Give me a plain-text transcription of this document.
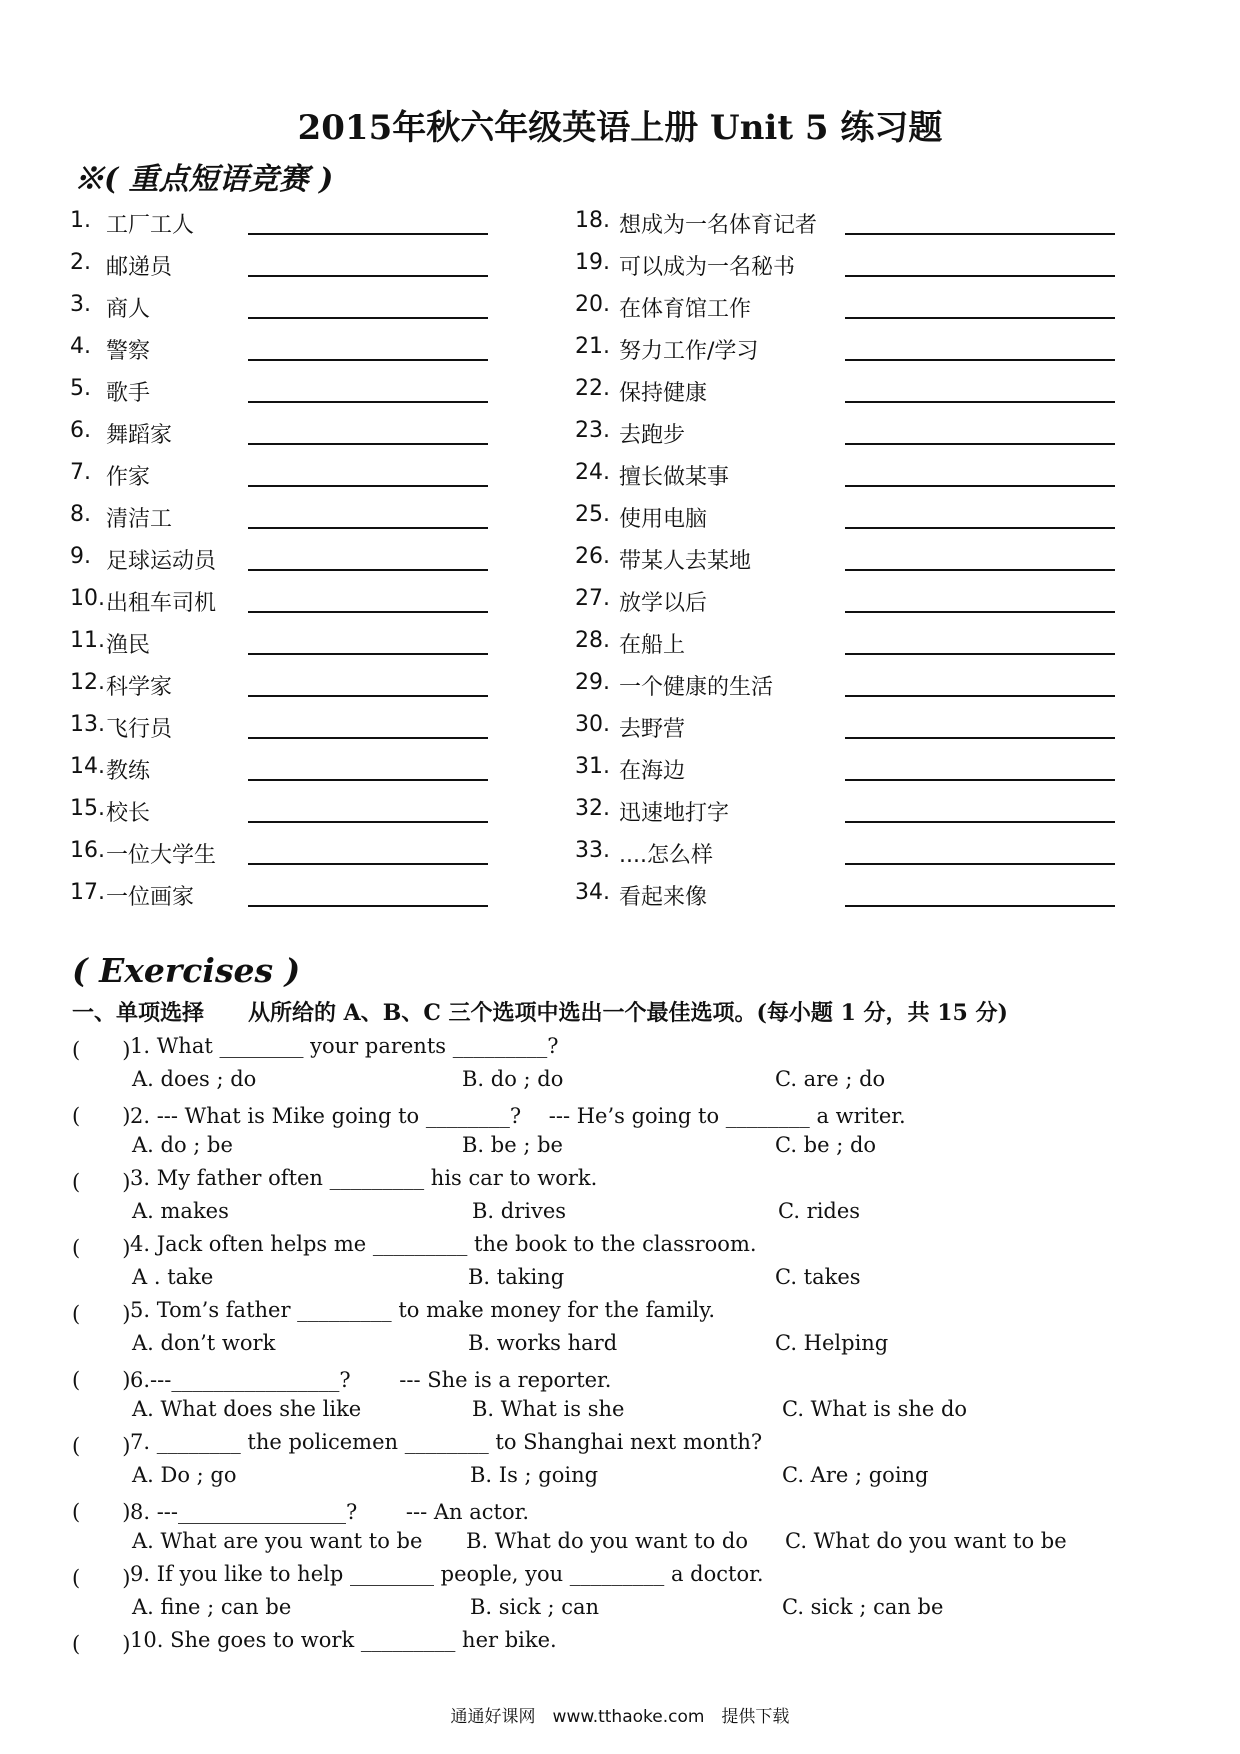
2015年秋六年级英语上册 Unit 5 练习题
※( 重点短语竞赛 )
1. 工厂工人
2. 邮递员
3. 商人
4. 警察
5. 歌手
6. 舞蹈家
7. 作家
8. 清洁工
9. 足球运动员
10. 出租车司机
11. 渔民
12. 科学家
13. 飞行员
14. 教练
15. 校长
16. 一位大学生
17. 一位画家
18. 想成为一名体育记者
19. 可以成为一名秘书
20. 在体育馆工作
21. 努力工作/学习
22. 保持健康
23. 去跑步
24. 擅长做某事
25. 使用电脑
26. 带某人去某地
27. 放学以后
28. 在船上
29. 一个健康的生活
30. 去野营
31. 在海边
32. 迅速地打字
33. ....怎么样
34. 看起来像
( Exercises )
一、单项选择　　从所给的 A、B、C 三个选项中选出一个最佳选项。(每小题 1 分，共 15 分)
(　　) 1. What ________ your parents _________?
A. does ; do	B. do ; do	C. are ; do
(　　) 2. --- What is Mike going to ________?　 --- He’s going to ________ a writer.
A. do ; be	B. be ; be	C. be ; do
(　　) 3. My father often _________ his car to work.
A. makes	B. drives	C. rides
(　　) 4. Jack often helps me _________ the book to the classroom.
A . take	B. taking	C. takes
(　　) 5. Tom’s father _________ to make money for the family.
A. don’t work	B. works hard	C. Helping
(　　) 6.---________________?　　 --- She is a reporter.
A. What does she like	B. What is she	C. What is she do
(　　) 7. ________ the policemen ________ to Shanghai next month?
A. Do ; go	B. Is ; going	C. Are ; going
(　　) 8. ---________________?　　 --- An actor.
A. What are you want to be B. What do you want to do C. What do you want to be
(　　) 9. If you like to help ________ people, you _________ a doctor.
A. fine ; can be	B. sick ; can	C. sick ; can be
(　　) 10. She goes to work _________ her bike.
通通好课网　www.tthaoke.com　提供下载
